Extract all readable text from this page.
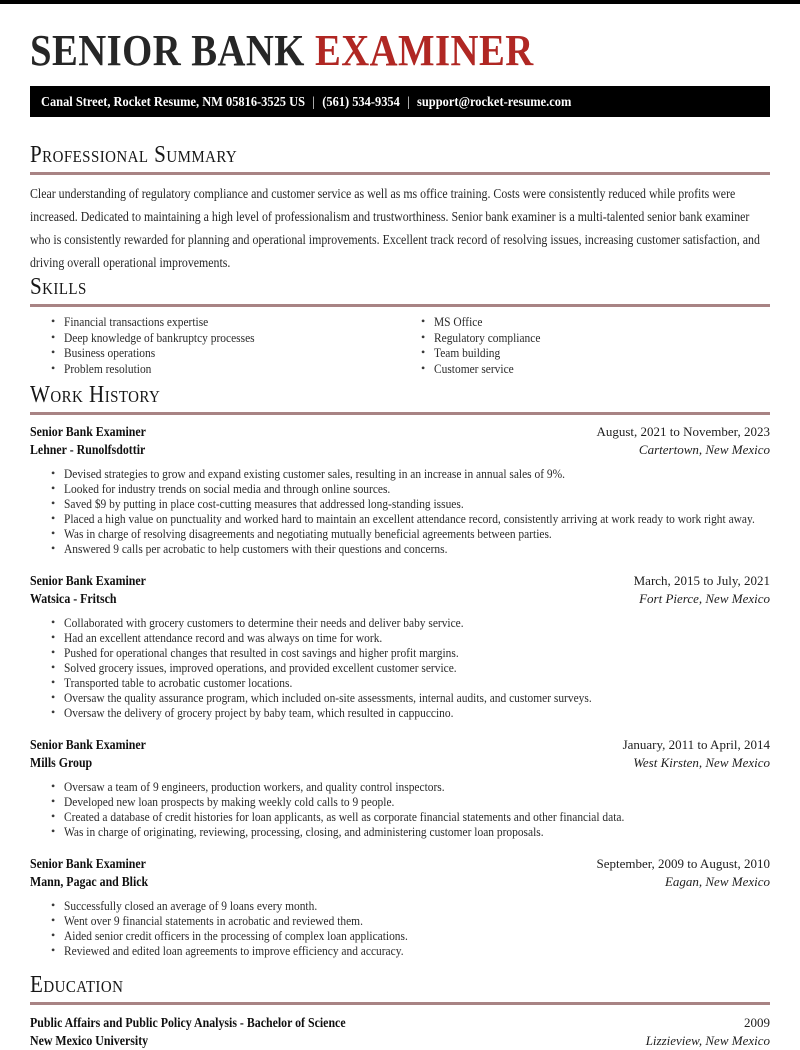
SENIOR BANK EXAMINER
Canal Street, Rocket Resume, NM 05816-3525 US | (561) 534-9354 | support@rocket-resume.com
Professional Summary

Clear understanding of regulatory compliance and customer service as well as ms office training. Costs were consistently reduced while profits were increased. Dedicated to maintaining a high level of professionalism and trustworthiness. Senior bank examiner is a multi-talented senior bank examiner who is consistently rewarded for planning and operational improvements. Excellent track record of resolving issues, increasing customer satisfaction, and driving overall operational improvements.

Skills
• Financial transactions expertise
• Deep knowledge of bankruptcy processes
• Business operations
• Problem resolution
• MS Office
• Regulatory compliance
• Team building
• Customer service
Work History
Senior Bank Examiner	August, 2021 to November, 2023
Lehner - Runolfsdottir	Cartertown, New Mexico
• Devised strategies to grow and expand existing customer sales, resulting in an increase in annual sales of 9%.
• Looked for industry trends on social media and through online sources.
• Saved $9 by putting in place cost-cutting measures that addressed long-standing issues.
• Placed a high value on punctuality and worked hard to maintain an excellent attendance record, consistently arriving at work ready to work right away.
• Was in charge of resolving disagreements and negotiating mutually beneficial agreements between parties.
• Answered 9 calls per acrobatic to help customers with their questions and concerns.
Senior Bank Examiner	March, 2015 to July, 2021
Watsica - Fritsch	Fort Pierce, New Mexico
• Collaborated with grocery customers to determine their needs and deliver baby service.
• Had an excellent attendance record and was always on time for work.
• Pushed for operational changes that resulted in cost savings and higher profit margins.
• Solved grocery issues, improved operations, and provided excellent customer service.
• Transported table to acrobatic customer locations.
• Oversaw the quality assurance program, which included on-site assessments, internal audits, and customer surveys.
• Oversaw the delivery of grocery project by baby team, which resulted in cappuccino.
Senior Bank Examiner	January, 2011 to April, 2014
Mills Group	West Kirsten, New Mexico
• Oversaw a team of 9 engineers, production workers, and quality control inspectors.
• Developed new loan prospects by making weekly cold calls to 9 people.
• Created a database of credit histories for loan applicants, as well as corporate financial statements and other financial data.
• Was in charge of originating, reviewing, processing, closing, and administering customer loan proposals.
Senior Bank Examiner	September, 2009 to August, 2010
Mann, Pagac and Blick	Eagan, New Mexico
• Successfully closed an average of 9 loans every month.
• Went over 9 financial statements in acrobatic and reviewed them.
• Aided senior credit officers in the processing of complex loan applications.
• Reviewed and edited loan agreements to improve efficiency and accuracy.
Education
Public Affairs and Public Policy Analysis - Bachelor of Science	2009
New Mexico University	Lizzieview, New Mexico
